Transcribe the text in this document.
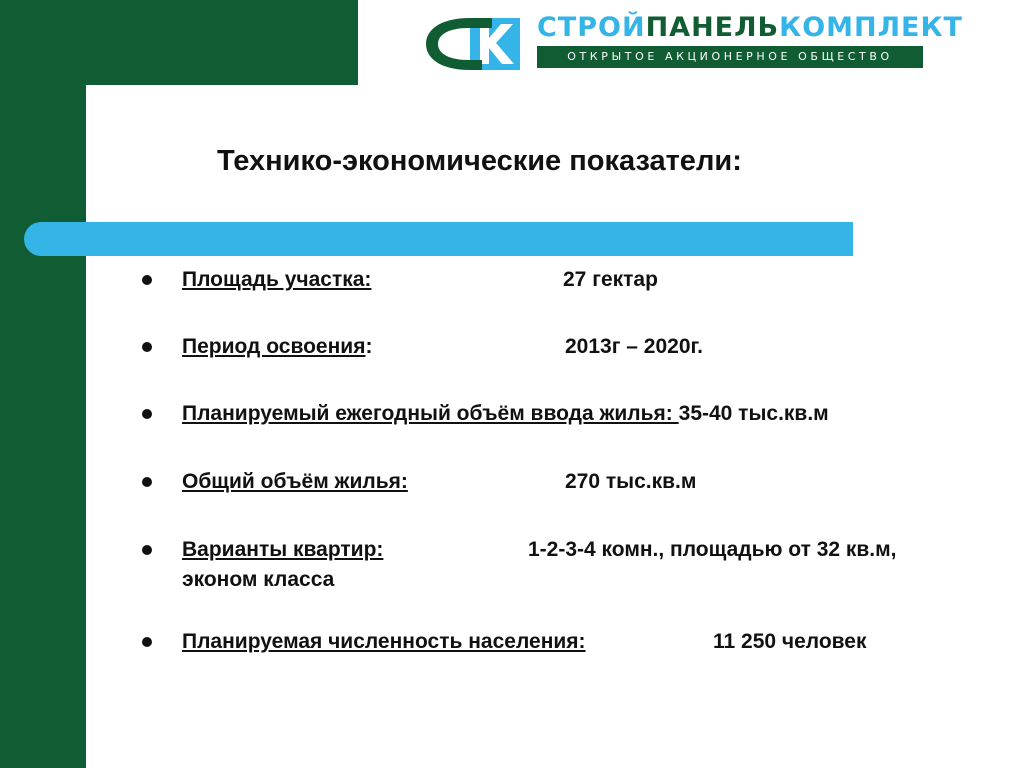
СТРОЙПАНЕЛЬКОМПЛЕКТ
ОТКРЫТОЕ АКЦИОНЕРНОЕ ОБЩЕСТВО
Технико-экономические показатели:
Площадь участка:	27 гектар
Период освоения:	2013г – 2020г.
Планируемый ежегодный объём ввода жилья: 35-40 тыс.кв.м
Общий объём жилья:	270 тыс.кв.м
Варианты квартир:	1-2-3-4 комн., площадью от 32 кв.м,
эконом класса
Планируемая численность населения:	11 250 человек
